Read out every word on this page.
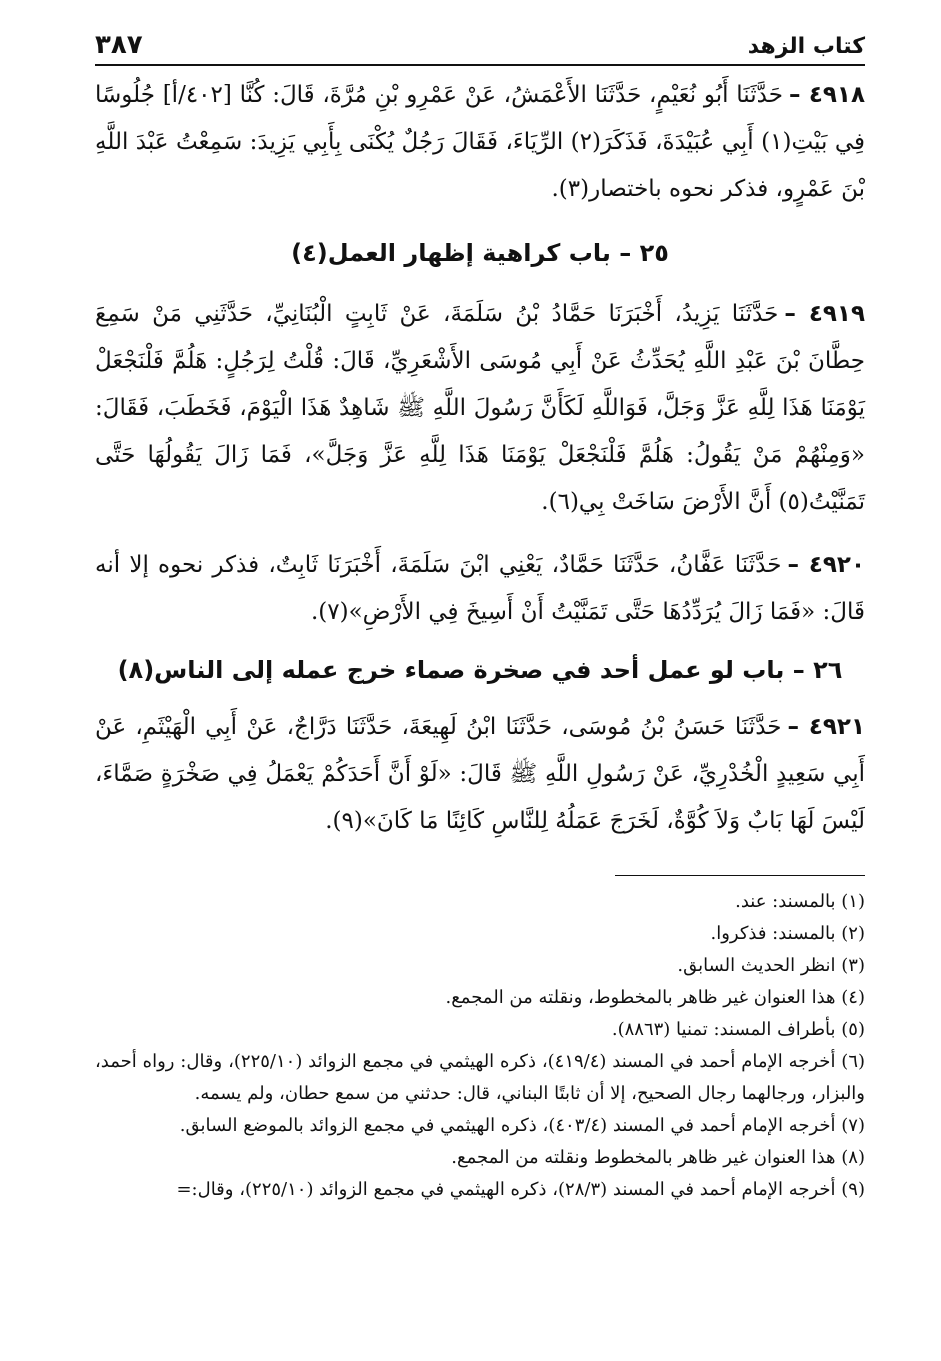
كتاب الزهد
٣٨٧

٤٩١٨ –حَدَّثَنَا أَبُو نُعَيْمٍ، حَدَّثَنَا الأَعْمَشُ، عَنْ عَمْرِو بْنِ مُرَّةَ، قَالَ: كُنَّا [٤٠٢/أ] جُلُوسًا فِي بَيْتِ(١) أَبِي عُبَيْدَةَ، فَذَكَرَ(٢) الرِّيَاءَ، فَقَالَ رَجُلٌ يُكْنَى بِأَبِي يَزِيدَ: سَمِعْتُ عَبْدَ اللَّهِ بْنَ عَمْرٍو، فذكر نحوه باختصار(٣).

٢٥ – باب كراهية إظهار العمل(٤)

٤٩١٩ –حَدَّثَنَا يَزِيدُ، أَخْبَرَنَا حَمَّادُ بْنُ سَلَمَةَ، عَنْ ثَابِتٍ الْبُنَانِيِّ، حَدَّثَنِي مَنْ سَمِعَ حِطَّانَ بْنَ عَبْدِ اللَّهِ يُحَدِّثُ عَنْ أَبِي مُوسَى الأَشْعَرِيِّ، قَالَ: قُلْتُ لِرَجُلٍ: هَلُمَّ فَلْنَجْعَلْ يَوْمَنَا هَذَا لِلَّهِ عَزَّ وَجَلَّ، فَوَاللَّهِ لَكَأَنَّ رَسُولَ اللَّهِ ﷺ شَاهِدٌ هَذَا الْيَوْمَ، فَخَطَبَ، فَقَالَ: «وَمِنْهُمْ مَنْ يَقُولُ: هَلُمَّ فَلْنَجْعَلْ يَوْمَنَا هَذَا لِلَّهِ عَزَّ وَجَلَّ»، فَمَا زَالَ يَقُولُهَا حَتَّى تَمَنَّيْتُ(٥) أَنَّ الأَرْضَ سَاخَتْ بِي(٦).

٤٩٢٠ –حَدَّثَنَا عَفَّانُ، حَدَّثَنَا حَمَّادٌ، يَعْنِي ابْنَ سَلَمَةَ، أَخْبَرَنَا ثَابِتٌ، فذكر نحوه إلا أنه قَالَ: «فَمَا زَالَ يُرَدِّدُهَا حَتَّى تَمَنَّيْتُ أَنْ أَسِيخَ فِي الأَرْضِ»(٧).

٢٦ – باب لو عمل أحد في صخرة صماء خرج عمله إلى الناس(٨)

٤٩٢١ –حَدَّثَنَا حَسَنُ بْنُ مُوسَى، حَدَّثَنَا ابْنُ لَهِيعَةَ، حَدَّثَنَا دَرَّاجٌ، عَنْ أَبِي الْهَيْثَمِ، عَنْ أَبِي سَعِيدٍ الْخُدْرِيِّ، عَنْ رَسُولِ اللَّهِ ﷺ قَالَ: «لَوْ أَنَّ أَحَدَكُمْ يَعْمَلُ فِي صَخْرَةٍ صَمَّاءَ، لَيْسَ لَهَا بَابٌ وَلاَ كُوَّةٌ، لَخَرَجَ عَمَلُهُ لِلنَّاسِ كَائِنًا مَا كَانَ»(٩).

(١) بالمسند: عند.

(٢) بالمسند: فذكروا.

(٣) انظر الحديث السابق.

(٤) هذا العنوان غير ظاهر بالمخطوط، ونقلته من المجمع.

(٥) بأطراف المسند: تمنيا (٨٨٦٣).

(٦) أخرجه الإمام أحمد في المسند (٤١٩/٤)، ذكره الهيثمي في مجمع الزوائد (٢٢٥/١٠)، وقال: رواه أحمد، والبزار، ورجالهما رجال الصحيح، إلا أن ثابتًا البناني، قال: حدثني من سمع حطان، ولم يسمه.

(٧) أخرجه الإمام أحمد في المسند (٤٠٣/٤)، ذكره الهيثمي في مجمع الزوائد بالموضع السابق.

(٨) هذا العنوان غير ظاهر بالمخطوط ونقلته من المجمع.

(٩) أخرجه الإمام أحمد في المسند (٢٨/٣)، ذكره الهيثمي في مجمع الزوائد (٢٢٥/١٠)، وقال:=
